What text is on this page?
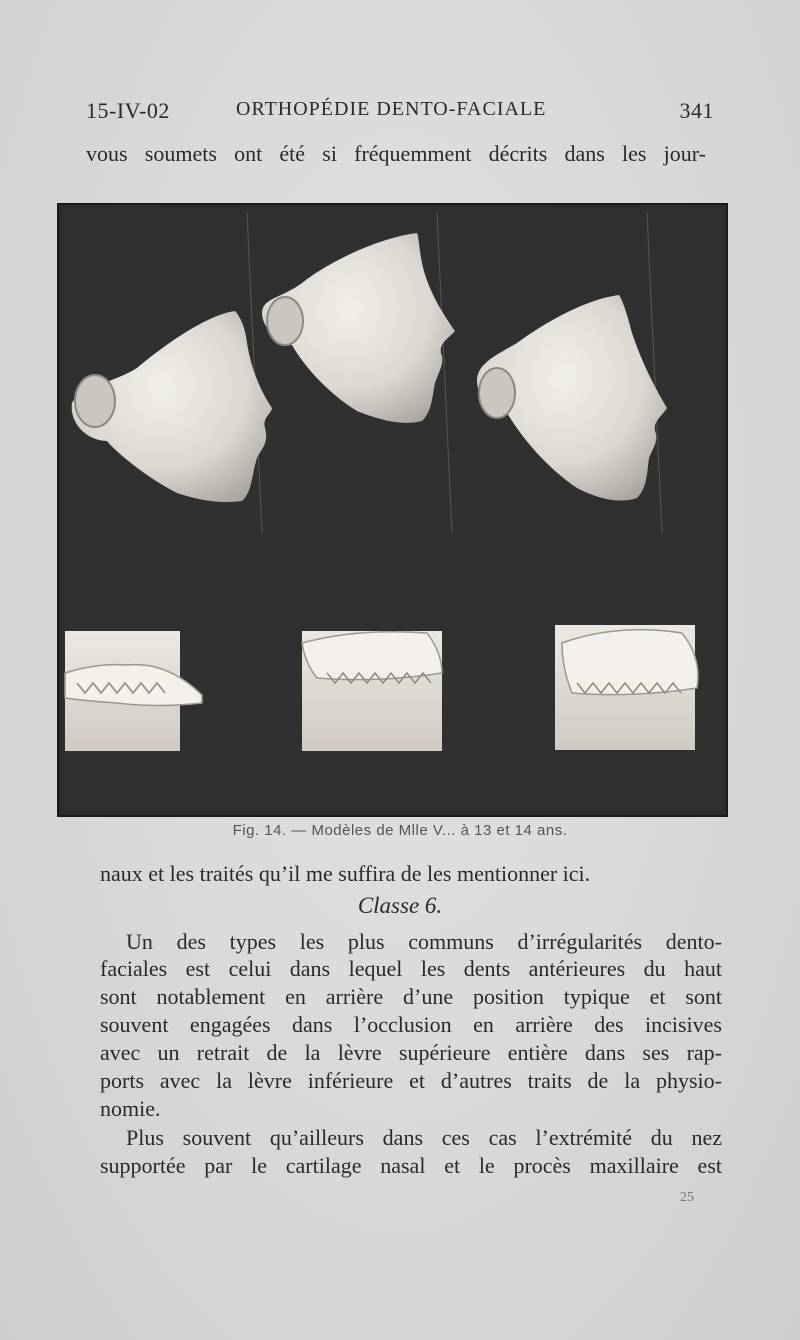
15-IV-02	ORTHOPÉDIE DENTO-FACIALE	341
vous soumets ont été si fréquemment décrits dans les jour-
Fig. 14. — Modèles de Mlle V... à 13 et 14 ans.
naux et les traités qu’il me suffira de les mentionner ici.
Classe 6.
Un des types les plus communs d’irrégularités dento-
faciales est celui dans lequel les dents antérieures du haut
sont notablement en arrière d’une position typique et sont
souvent engagées dans l’occlusion en arrière des incisives
avec un retrait de la lèvre supérieure entière dans ses rap-
ports avec la lèvre inférieure et d’autres traits de la physio-
nomie.
Plus souvent qu’ailleurs dans ces cas l’extrémité du nez
supportée par le cartilage nasal et le procès maxillaire est
25
